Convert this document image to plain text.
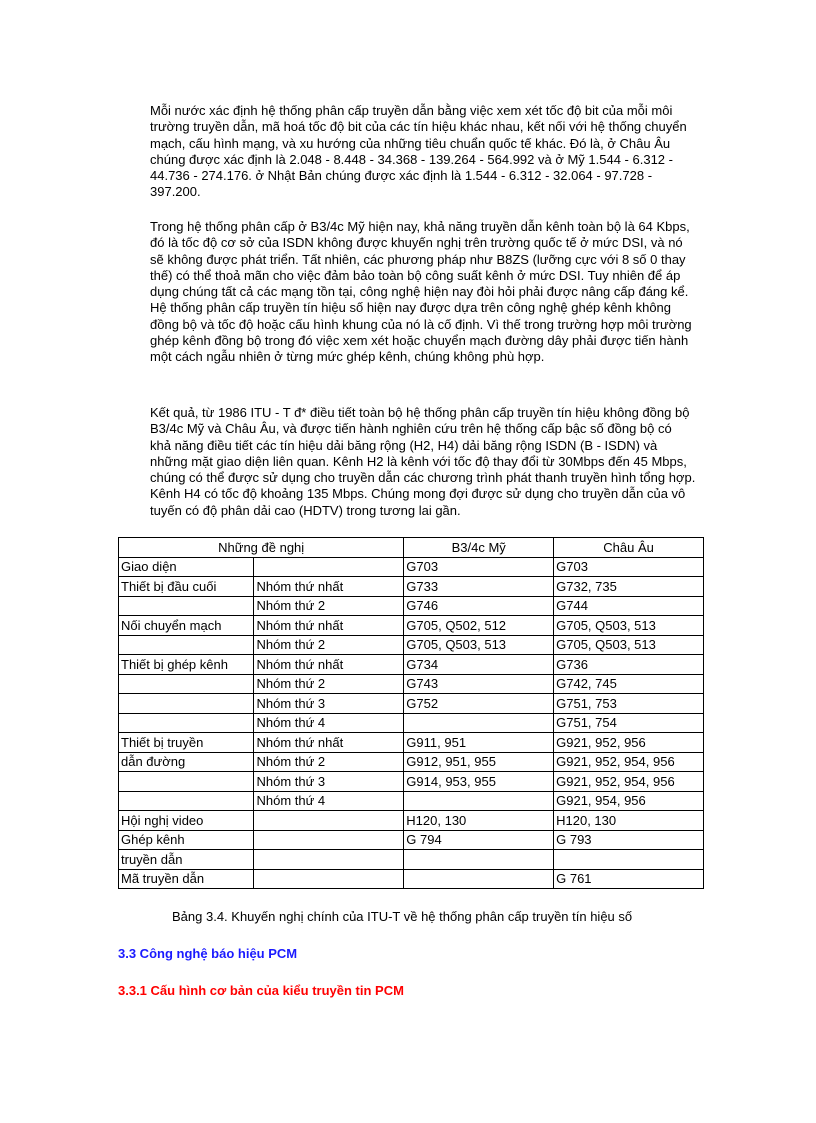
Mỗi nước xác định hệ thống phân cấp truyền dẫn bằng việc xem xét tốc độ bit của mỗi môi trường truyền dẫn, mã hoá tốc độ bit của các tín hiệu khác nhau, kết nối với hệ thống chuyển mạch, cấu hình mạng, và xu hướng của những tiêu chuẩn quốc tế khác. Đó là, ở Châu Âu chúng được xác định là 2.048 - 8.448 - 34.368 - 139.264 - 564.992 và ở Mỹ 1.544 - 6.312 - 44.736 - 274.176. ở Nhật Bản chúng được xác định là 1.544 - 6.312 - 32.064 - 97.728 - 397.200.
Trong hệ thống phân cấp ở B3/4c Mỹ hiện nay, khả năng truyền dẫn kênh toàn bộ là 64 Kbps, đó là tốc độ cơ sở của ISDN không được khuyến nghị trên trường quốc tế ở mức DSI, và nó sẽ không được phát triển. Tất nhiên, các phương pháp như B8ZS (lưỡng cực với 8 số 0 thay thế) có thể thoả mãn cho việc đảm bảo toàn bộ công suất kênh ở mức DSI. Tuy nhiên để áp dụng chúng tất cả các mạng tồn tại, công nghệ hiện nay đòi hỏi phải được nâng cấp đáng kể. Hệ thống phân cấp truyền tín hiệu số hiện nay được dựa trên công nghệ ghép kênh không đồng bộ và tốc độ hoặc cấu hình khung của nó là cố định. Vì thế trong trường hợp môi trường ghép kênh đồng bộ trong đó việc xem xét hoặc chuyển mạch đường dây phải được tiến hành một cách ngẫu nhiên ở từng mức ghép kênh, chúng không phù hợp.
Kết quả, từ 1986 ITU - T đ* điều tiết toàn bộ hệ thống phân cấp truyền tín hiệu không đồng bộ B3/4c Mỹ và Châu Âu, và được tiến hành nghiên cứu trên hệ thống cấp bậc số đồng bộ có khả năng điều tiết các tín hiệu dải băng rộng (H2, H4) dải băng rộng ISDN (B - ISDN) và những mặt giao diện liên quan. Kênh H2 là kênh với tốc độ thay đổi từ 30Mbps đến 45 Mbps, chúng có thể được sử dụng cho truyền dẫn các chương trình phát thanh truyền hình tổng hợp. Kênh H4 có tốc độ khoảng 135 Mbps. Chúng mong đợi được sử dụng cho truyền dẫn của vô tuyến có độ phân dải cao (HDTV) trong tương lai gần.
Những đề nghị		B3/4c Mỹ	Châu Âu
Giao diện		G703	G703
Thiết bị đầu cuối	Nhóm thứ nhất	G733	G732, 735
	Nhóm thứ 2	G746	G744
Nối chuyển mạch	Nhóm thứ nhất	G705, Q502, 512	G705, Q503, 513
	Nhóm thứ 2	G705, Q503, 513	G705, Q503, 513
Thiết bị ghép kênh	Nhóm thứ nhất	G734	G736
	Nhóm thứ 2	G743	G742, 745
	Nhóm thứ 3	G752	G751, 753
	Nhóm thứ 4		G751, 754
Thiết bị truyền	Nhóm thứ nhất	G911, 951	G921, 952, 956
dẫn đường	Nhóm thứ 2	G912, 951, 955	G921, 952, 954, 956
	Nhóm thứ 3	G914, 953, 955	G921, 952, 954, 956
	Nhóm thứ 4		G921, 954, 956
Hội nghị video		H120, 130	H120, 130
Ghép kênh		G 794	G 793
truyền dẫn			
Mã truyền dẫn			G 761
Bảng 3.4. Khuyến nghị chính của ITU-T về hệ thống phân cấp truyền tín hiệu số
3.3 Công nghệ báo hiệu PCM
3.3.1 Cấu hình cơ bản của kiểu truyền tin PCM
